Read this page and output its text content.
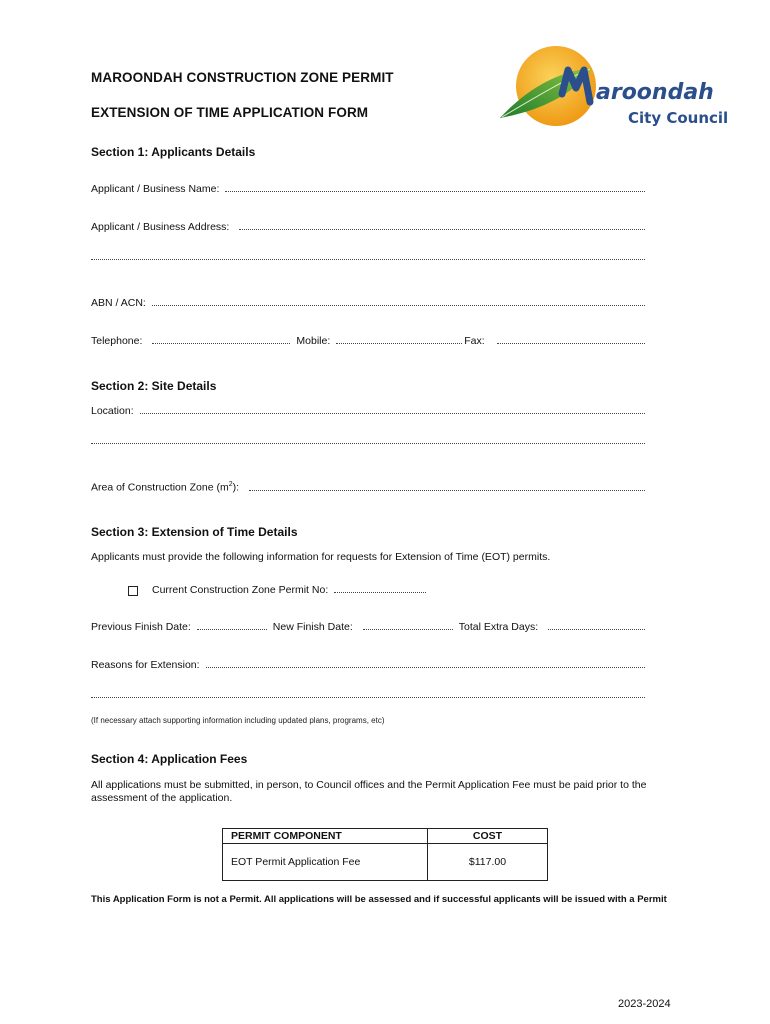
MAROONDAH CONSTRUCTION ZONE PERMIT
EXTENSION OF TIME APPLICATION FORM
aroondah
City Council
Section 1: Applicants Details
Applicant / Business Name:
Applicant / Business Address:
ABN / ACN:
Telephone:	Mobile:	Fax:
Section 2: Site Details
Location:
Area of Construction Zone $(m^2)$:
Section 3: Extension of Time Details
Applicants must provide the following information for requests for Extension of Time (EOT) permits.
Current Construction Zone Permit No:
Previous Finish Date:	New Finish Date:	Total Extra Days:
Reasons for Extension:
(If necessary attach supporting information including updated plans, programs, etc)
Section 4: Application Fees
All applications must be submitted, in person, to Council offices and the Permit Application Fee must be paid prior to the assessment of the application.
PERMIT COMPONENT	COST
EOT Permit Application Fee	$117.00
This Application Form is not a Permit. All applications will be assessed and if successful applicants will be issued with a Permit
2023-2024
